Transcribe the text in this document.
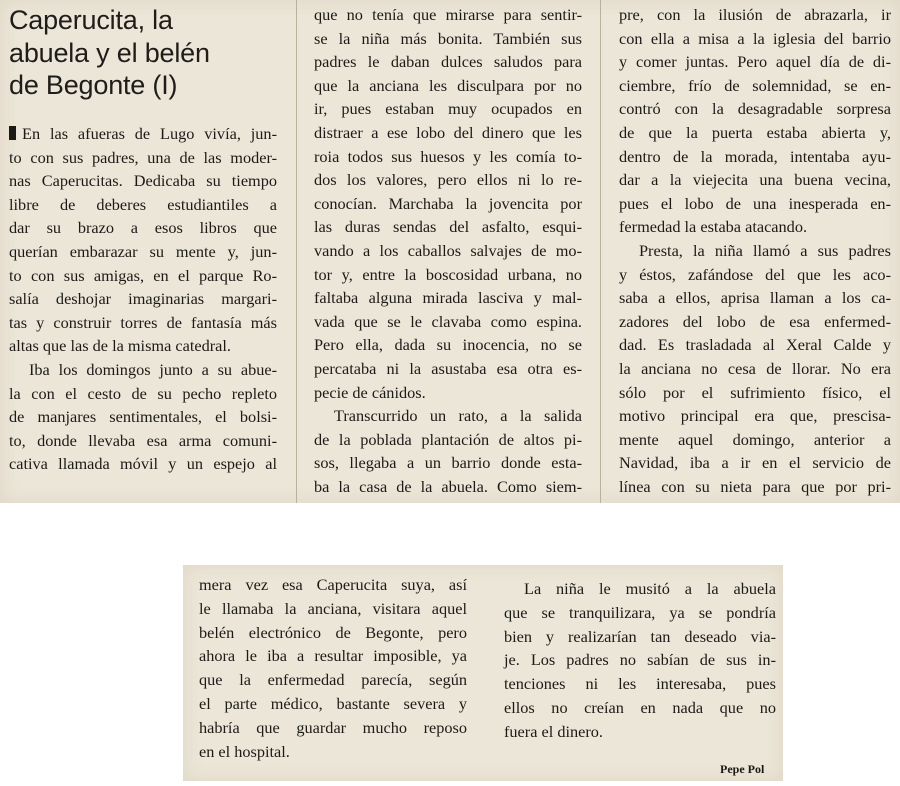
Caperucita, la
abuela y el belén
de Begonte (I)
En las afueras de Lugo vivía, jun-
to con sus padres, una de las moder-
nas Caperucitas. Dedicaba su tiempo
libre de deberes estudiantiles a
dar su brazo a esos libros que
querían embarazar su mente y, jun-
to con sus amigas, en el parque Ro-
salía deshojar imaginarias margari-
tas y construir torres de fantasía más
altas que las de la misma catedral.
Iba los domingos junto a su abue-
la con el cesto de su pecho repleto
de manjares sentimentales, el bolsi-
to, donde llevaba esa arma comuni-
cativa llamada móvil y un espejo al
que no tenía que mirarse para sentir-
se la niña más bonita. También sus
padres le daban dulces saludos para
que la anciana les disculpara por no
ir, pues estaban muy ocupados en
distraer a ese lobo del dinero que les
roia todos sus huesos y les comía to-
dos los valores, pero ellos ni lo re-
conocían. Marchaba la jovencita por
las duras sendas del asfalto, esqui-
vando a los caballos salvajes de mo-
tor y, entre la boscosidad urbana, no
faltaba alguna mirada lasciva y mal-
vada que se le clavaba como espina.
Pero ella, dada su inocencia, no se
percataba ni la asustaba esa otra es-
pecie de cánidos.
Transcurrido un rato, a la salida
de la poblada plantación de altos pi-
sos, llegaba a un barrio donde esta-
ba la casa de la abuela. Como siem-
pre, con la ilusión de abrazarla, ir
con ella a misa a la iglesia del barrio
y comer juntas. Pero aquel día de di-
ciembre, frío de solemnidad, se en-
contró con la desagradable sorpresa
de que la puerta estaba abierta y,
dentro de la morada, intentaba ayu-
dar a la viejecita una buena vecina,
pues el lobo de una inesperada en-
fermedad la estaba atacando.
Presta, la niña llamó a sus padres
y éstos, zafándose del que les aco-
saba a ellos, aprisa llaman a los ca-
zadores del lobo de esa enfermed-
dad. Es trasladada al Xeral Calde y
la anciana no cesa de llorar. No era
sólo por el sufrimiento físico, el
motivo principal era que, prescisa-
mente aquel domingo, anterior a
Navidad, iba a ir en el servicio de
línea con su nieta para que por pri-
mera vez esa Caperucita suya, así
le llamaba la anciana, visitara aquel
belén electrónico de Begonte, pero
ahora le iba a resultar imposible, ya
que la enfermedad parecía, según
el parte médico, bastante severa y
habría que guardar mucho reposo
en el hospital.
La niña le musitó a la abuela
que se tranquilizara, ya se pondría
bien y realizarían tan deseado via-
je. Los padres no sabían de sus in-
tenciones ni les interesaba, pues
ellos no creían en nada que no
fuera el dinero.
Pepe Pol
